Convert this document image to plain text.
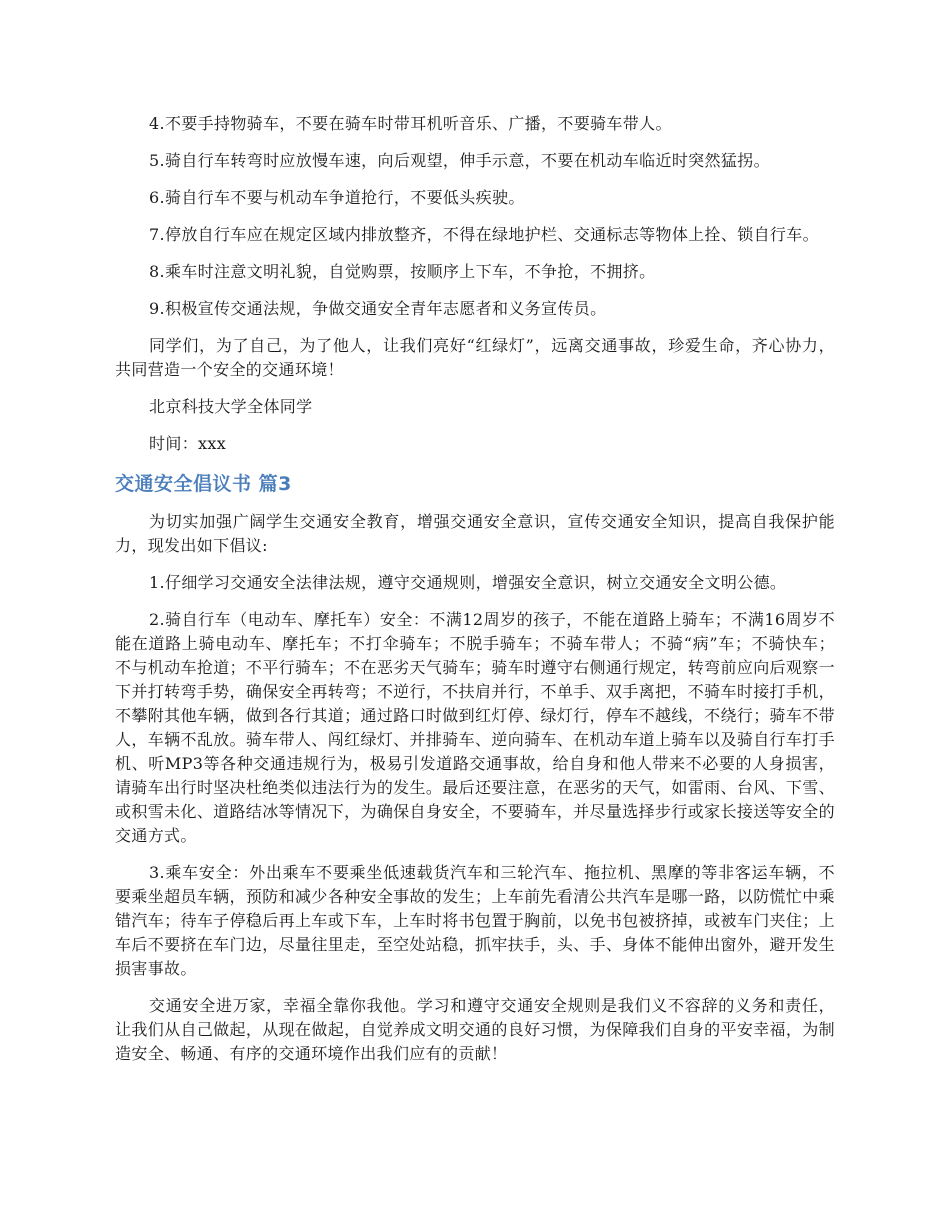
4.不要手持物骑车，不要在骑车时带耳机听音乐、广播，不要骑车带人。

5.骑自行车转弯时应放慢车速，向后观望，伸手示意，不要在机动车临近时突然猛拐。

6.骑自行车不要与机动车争道抢行，不要低头疾驶。

7.停放自行车应在规定区域内排放整齐，不得在绿地护栏、交通标志等物体上拴、锁自行车。

8.乘车时注意文明礼貌，自觉购票，按顺序上下车，不争抢，不拥挤。

9.积极宣传交通法规，争做交通安全青年志愿者和义务宣传员。

同学们，为了自己，为了他人，让我们亮好“红绿灯”，远离交通事故，珍爱生命，齐心协力，共同营造一个安全的交通环境！

北京科技大学全体同学

时间：xxx

交通安全倡议书 篇3

为切实加强广阔学生交通安全教育，增强交通安全意识，宣传交通安全知识，提高自我保护能力，现发出如下倡议:

1.仔细学习交通安全法律法规，遵守交通规则，增强安全意识，树立交通安全文明公德。

2.骑自行车（电动车、摩托车）安全：不满12周岁的孩子，不能在道路上骑车；不满16周岁不能在道路上骑电动车、摩托车；不打伞骑车；不脱手骑车；不骑车带人；不骑“病”车；不骑快车；不与机动车抢道；不平行骑车；不在恶劣天气骑车；骑车时遵守右侧通行规定，转弯前应向后观察一下并打转弯手势，确保安全再转弯；不逆行，不扶肩并行，不单手、双手离把，不骑车时接打手机，不攀附其他车辆，做到各行其道；通过路口时做到红灯停、绿灯行，停车不越线，不绕行；骑车不带人，车辆不乱放。骑车带人、闯红绿灯、并排骑车、逆向骑车、在机动车道上骑车以及骑自行车打手机、听MP3等各种交通违规行为，极易引发道路交通事故，给自身和他人带来不必要的人身损害，请骑车出行时坚决杜绝类似违法行为的发生。最后还要注意，在恶劣的天气，如雷雨、台风、下雪、或积雪未化、道路结冰等情况下，为确保自身安全，不要骑车，并尽量选择步行或家长接送等安全的交通方式。

3.乘车安全：外出乘车不要乘坐低速载货汽车和三轮汽车、拖拉机、黑摩的等非客运车辆，不要乘坐超员车辆，预防和减少各种安全事故的发生；上车前先看清公共汽车是哪一路，以防慌忙中乘错汽车；待车子停稳后再上车或下车，上车时将书包置于胸前，以免书包被挤掉，或被车门夹住；上车后不要挤在车门边，尽量往里走，至空处站稳，抓牢扶手，头、手、身体不能伸出窗外，避开发生损害事故。

交通安全进万家，幸福全靠你我他。学习和遵守交通安全规则是我们义不容辞的义务和责任，让我们从自己做起，从现在做起，自觉养成文明交通的良好习惯，为保障我们自身的平安幸福，为制造安全、畅通、有序的交通环境作出我们应有的贡献！
